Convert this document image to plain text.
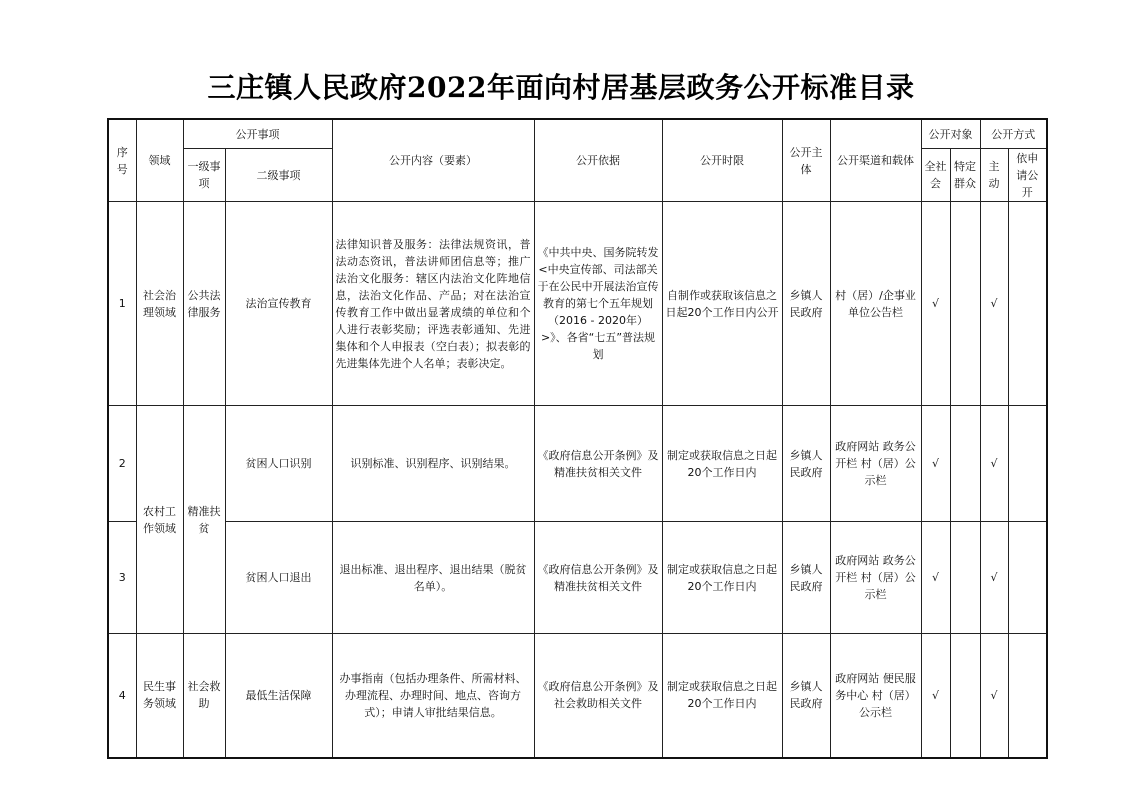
三庄镇人民政府2022年面向村居基层政务公开标准目录
序号	领域	公开事项		公开内容（要素）	公开依据	公开时限	公开主体	公开渠道和载体	公开对象		公开方式	
		一级事项	二级事项						全社会	特定群众	主动	依申请公开
1	社会治理领域	公共法律服务	法治宣传教育	法律知识普及服务：法律法规资讯，普法动态资讯，普法讲师团信息等；推广法治文化服务：辖区内法治文化阵地信息，法治文化作品、产品；对在法治宣传教育工作中做出显著成绩的单位和个人进行表彰奖励；评选表彰通知、先进集体和个人申报表（空白表）；拟表彰的先进集体先进个人名单；表彰决定。	《中共中央、国务院转发<中央宣传部、司法部关于在公民中开展法治宣传教育的第七个五年规划（2016 - 2020年）>》、各省“七五”普法规划	自制作或获取该信息之日起20个工作日内公开	乡镇人民政府	村（居）/企事业单位公告栏	√		√	
2	农村工作领域	精准扶贫	贫困人口识别	识别标准、识别程序、识别结果。	《政府信息公开条例》及精准扶贫相关文件	制定或获取信息之日起20个工作日内	乡镇人民政府	政府网站 政务公开栏 村（居）公示栏	√		√	
3			贫困人口退出	退出标准、退出程序、退出结果（脱贫名单）。	《政府信息公开条例》及精准扶贫相关文件	制定或获取信息之日起20个工作日内	乡镇人民政府	政府网站 政务公开栏 村（居）公示栏	√		√	
4	民生事务领域	社会救助	最低生活保障	办事指南（包括办理条件、所需材料、办理流程、办理时间、地点、咨询方式）；申请人审批结果信息。	《政府信息公开条例》及社会救助相关文件	制定或获取信息之日起20个工作日内	乡镇人民政府	政府网站 便民服务中心 村（居）公示栏	√		√	
